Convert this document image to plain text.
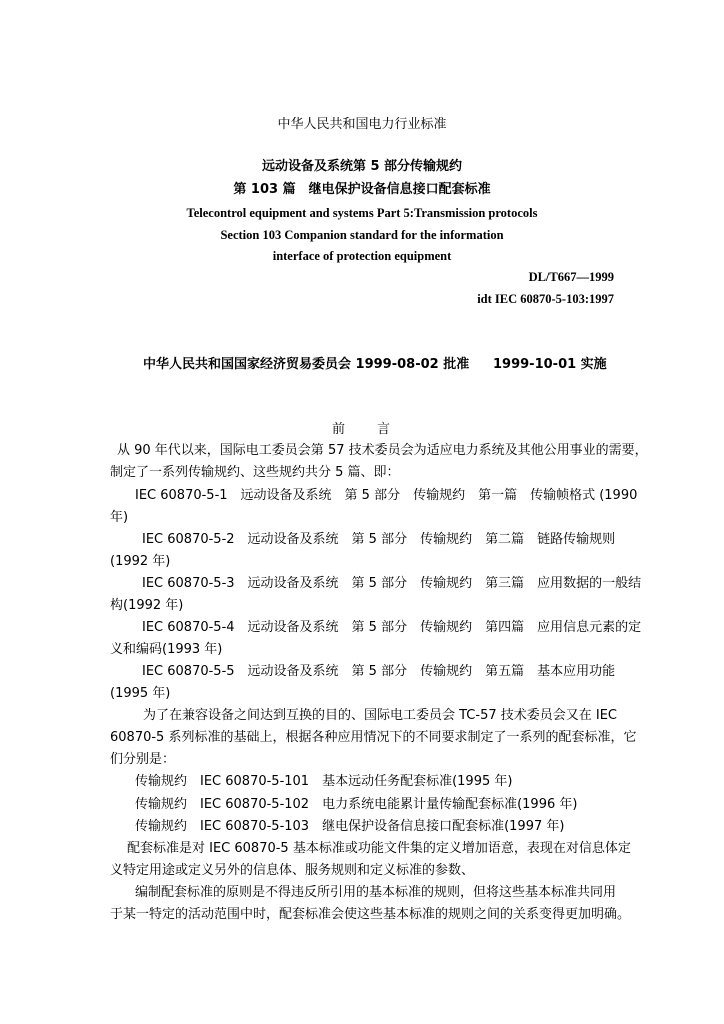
中华人民共和国电力行业标准
远动设备及系统第 5 部分传输规约
第 103 篇　继电保护设备信息接口配套标准
Telecontrol equipment and systems Part 5:Transmission protocols
Section 103 Companion standard for the information
interface of protection equipment
DL/T667—1999
idt IEC 60870-5-103:1997
中华人民共和国国家经济贸易委员会 1999-08-02 批准 1999-10-01 实施
前　　言
从 90 年代以来，国际电工委员会第 57 技术委员会为适应电力系统及其他公用事业的需要，
制定了一系列传输规约、这些规约共分 5 篇、即：
IEC 60870-5-1　远动设备及系统　第 5 部分　传输规约　第一篇　传输帧格式 (1990
年)
IEC 60870-5-2　远动设备及系统　第 5 部分　传输规约　第二篇　链路传输规则
(1992 年)
IEC 60870-5-3　远动设备及系统　第 5 部分　传输规约　第三篇　应用数据的一般结
构(1992 年)
IEC 60870-5-4　远动设备及系统　第 5 部分　传输规约　第四篇　应用信息元素的定
义和编码(1993 年)
IEC 60870-5-5　远动设备及系统　第 5 部分　传输规约　第五篇　基本应用功能
(1995 年)
为了在兼容设备之间达到互换的目的、国际电工委员会 TC-57 技术委员会又在 IEC
60870-5 系列标准的基础上，根据各种应用情况下的不同要求制定了一系列的配套标准，它
们分别是：
传输规约　IEC 60870-5-101　基本远动任务配套标准(1995 年)
传输规约　IEC 60870-5-102　电力系统电能累计量传输配套标准(1996 年)
传输规约　IEC 60870-5-103　继电保护设备信息接口配套标准(1997 年)
配套标准是对 IEC 60870-5 基本标准或功能文件集的定义增加语意，表现在对信息体定
义特定用途或定义另外的信息体、服务规则和定义标准的参数、
编制配套标准的原则是不得违反所引用的基本标准的规则，但将这些基本标准共同用
于某一特定的活动范围中时，配套标准会使这些基本标准的规则之间的关系变得更加明确。
